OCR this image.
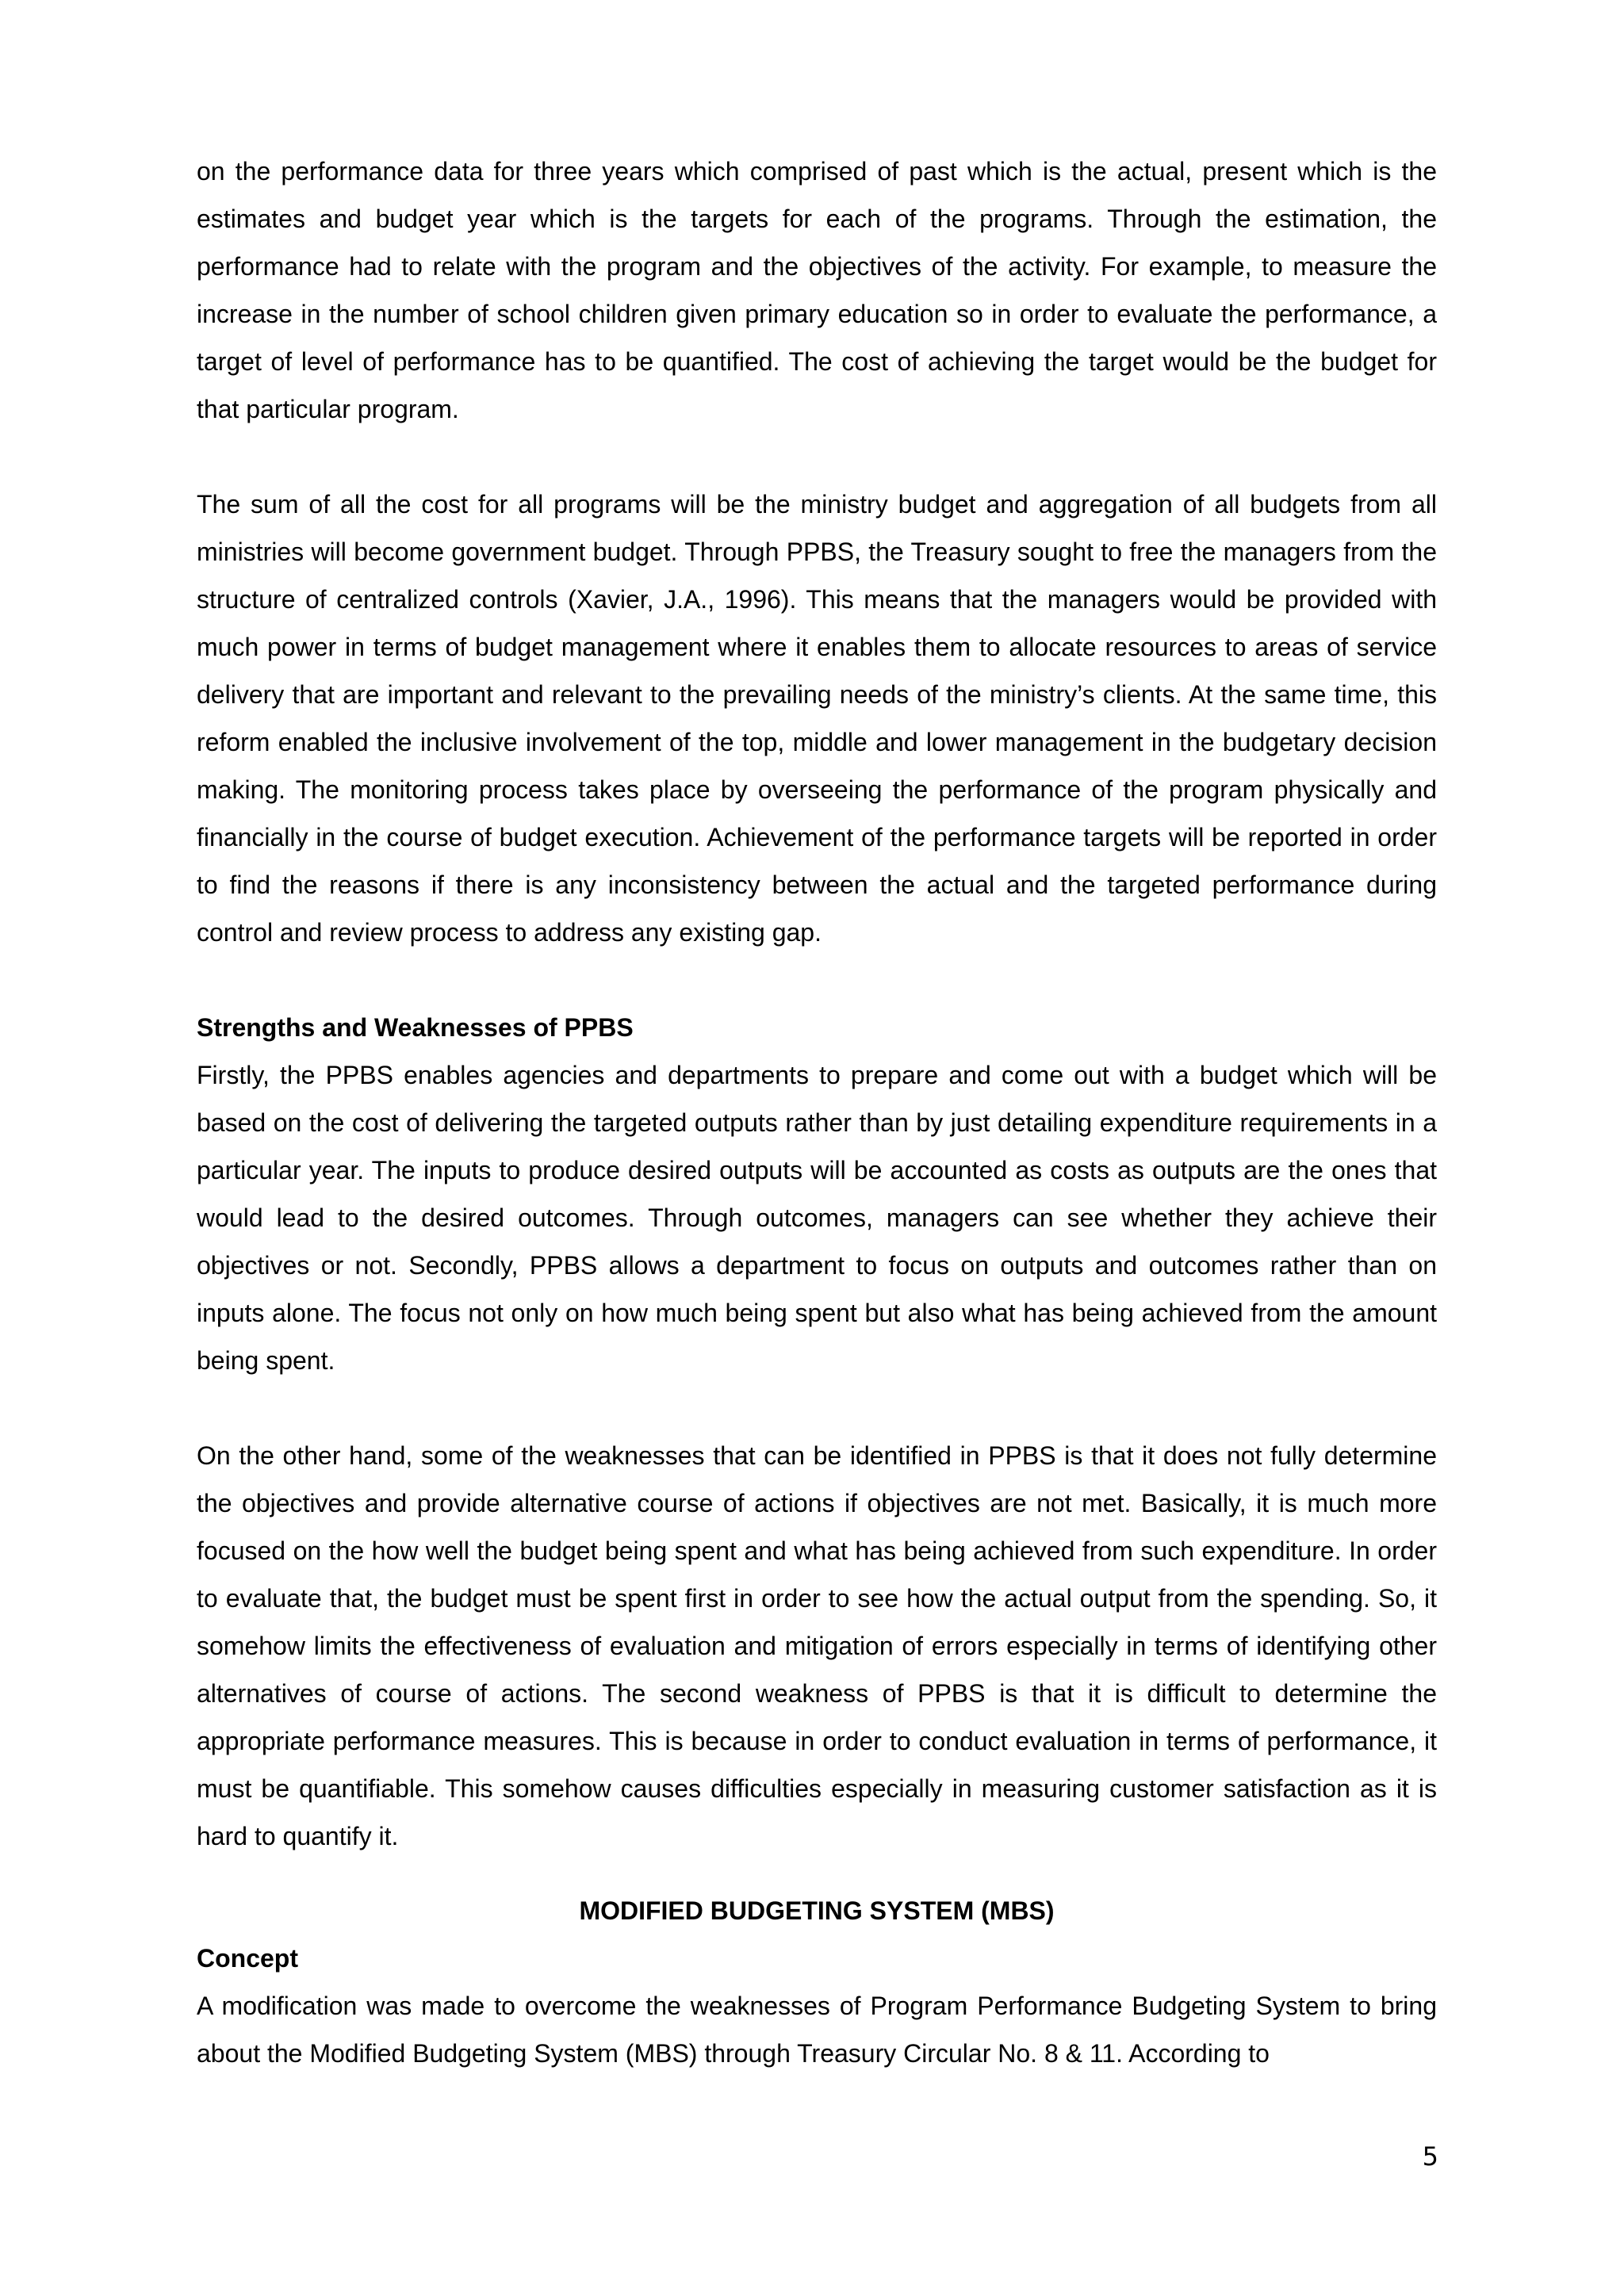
on the performance data for three years which comprised of past which is the actual, present which is the estimates and budget year which is the targets for each of the programs. Through the estimation, the performance had to relate with the program and the objectives of the activity. For example, to measure the increase in the number of school children given primary education so in order to evaluate the performance, a target of level of performance has to be quantified. The cost of achieving the target would be the budget for that particular program.

The sum of all the cost for all programs will be the ministry budget and aggregation of all budgets from all ministries will become government budget. Through PPBS, the Treasury sought to free the managers from the structure of centralized controls (Xavier, J.A., 1996). This means that the managers would be provided with much power in terms of budget management where it enables them to allocate resources to areas of service delivery that are important and relevant to the prevailing needs of the ministry’s clients. At the same time, this reform enabled the inclusive involvement of the top, middle and lower management in the budgetary decision making. The monitoring process takes place by overseeing the performance of the program physically and financially in the course of budget execution. Achievement of the performance targets will be reported in order to find the reasons if there is any inconsistency between the actual and the targeted performance during control and review process to address any existing gap.

Strengths and Weaknesses of PPBS

Firstly, the PPBS enables agencies and departments to prepare and come out with a budget which will be based on the cost of delivering the targeted outputs rather than by just detailing expenditure requirements in a particular year. The inputs to produce desired outputs will be accounted as costs as outputs are the ones that would lead to the desired outcomes. Through outcomes, managers can see whether they achieve their objectives or not. Secondly, PPBS allows a department to focus on outputs and outcomes rather than on inputs alone. The focus not only on how much being spent but also what has being achieved from the amount being spent.

On the other hand, some of the weaknesses that can be identified in PPBS is that it does not fully determine the objectives and provide alternative course of actions if objectives are not met. Basically, it is much more focused on the how well the budget being spent and what has being achieved from such expenditure. In order to evaluate that, the budget must be spent first in order to see how the actual output from the spending. So, it somehow limits the effectiveness of evaluation and mitigation of errors especially in terms of identifying other alternatives of course of actions. The second weakness of PPBS is that it is difficult to determine the appropriate performance measures. This is because in order to conduct evaluation in terms of performance, it must be quantifiable. This somehow causes difficulties especially in measuring customer satisfaction as it is hard to quantify it.

MODIFIED BUDGETING SYSTEM (MBS)
Concept

A modification was made to overcome the weaknesses of Program Performance Budgeting System to bring about the Modified Budgeting System (MBS) through Treasury Circular No. 8 & 11. According to

5
